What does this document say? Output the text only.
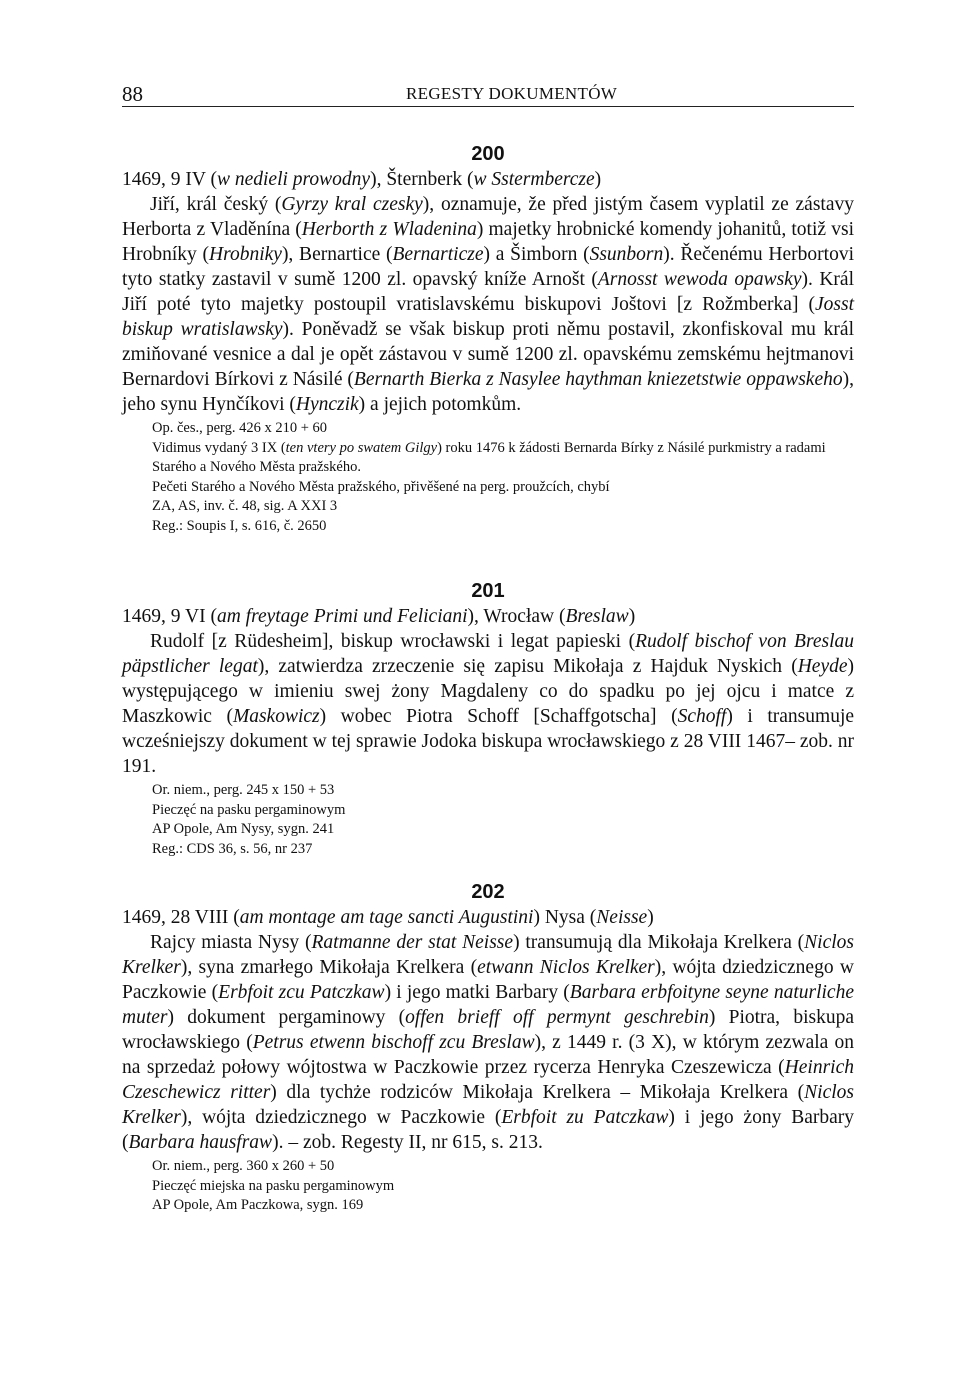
88	REGESTY DOKUMENTÓW
200
1469, 9 IV (w nedieli prowodny), Šternberk (w Sstermbercze)
Jiří, král český (Gyrzy kral czesky), oznamuje, že před jistým časem vyplatil ze zástavy Herborta z Vladěnína (Herborth z Wladenina) majetky hrobnické komendy johanitů, totiž vsi Hrobníky (Hrobniky), Bernartice (Bernarticze) a Šimborn (Ssunborn). Řečenému Herbortovi tyto statky zastavil v sumě 1200 zl. opavský kníže Arnošt (Arnosst wewoda opawsky). Král Jiří poté tyto majetky postoupil vratislavskému biskupovi Joštovi [z Rožmberka] (Josst biskup wratislawsky). Poněvadž se však biskup proti němu postavil, zkonfiskoval mu král zmiňované vesnice a dal je opět zástavou v sumě 1200 zl. opavskému zemskému hejtmanovi Bernardovi Bírkovi z Násilé (Bernarth Bierka z Nasylee haythman kniezetstwie oppawskeho), jeho synu Hynčíkovi (Hynczik) a jejich potomkům.
Op. čes., perg. 426 x 210 + 60
Vidimus vydaný 3 IX (ten vtery po swatem Gilgy) roku 1476 k žádosti Bernarda Bírky z Násilé purkmistry a radami Starého a Nového Města pražského.
Pečeti Starého a Nového Města pražského, přivěšené na perg. proužcích, chybí
ZA, AS, inv. č. 48, sig. A XXI 3
Reg.: Soupis I, s. 616, č. 2650
201
1469, 9 VI (am freytage Primi und Feliciani), Wrocław (Breslaw)
Rudolf [z Rüdesheim], biskup wrocławski i legat papieski (Rudolf bischof von Breslau päpstlicher legat), zatwierdza zrzeczenie się zapisu Mikołaja z Hajduk Nyskich (Heyde) występującego w imieniu swej żony Magdaleny co do spadku po jej ojcu i matce z Maszkowic (Maskowicz) wobec Piotra Schoff [Schaffgotscha] (Schoff) i transumuje wcześniejszy dokument w tej sprawie Jodoka biskupa wrocławskiego z 28 VIII 1467– zob. nr 191.
Or. niem., perg. 245 x 150 + 53
Pieczęć na pasku pergaminowym
AP Opole, Am Nysy, sygn. 241
Reg.: CDS 36, s. 56, nr 237
202
1469, 28 VIII (am montage am tage sancti Augustini) Nysa (Neisse)
Rajcy miasta Nysy (Ratmanne der stat Neisse) transumują dla Mikołaja Krelkera (Niclos Krelker), syna zmarłego Mikołaja Krelkera (etwann Niclos Krelker), wójta dziedzicznego w Paczkowie (Erbfoit zcu Patczkaw) i jego matki Barbary (Barbara erbfoityne seyne naturliche muter) dokument pergaminowy (offen brieff off permynt geschrebin) Piotra, biskupa wrocławskiego (Petrus etwenn bischoff zcu Breslaw), z 1449 r. (3 X), w którym zezwala on na sprzedaż połowy wójtostwa w Paczkowie przez rycerza Henryka Czeszewicza (Heinrich Czeschewicz ritter) dla tychże rodziców Mikołaja Krelkera – Mikołaja Krelkera (Niclos Krelker), wójta dziedzicznego w Paczkowie (Erbfoit zu Patczkaw) i jego żony Barbary (Barbara hausfraw). – zob. Regesty II, nr 615, s. 213.
Or. niem., perg. 360 x 260 + 50
Pieczęć miejska na pasku pergaminowym
AP Opole, Am Paczkowa, sygn. 169
